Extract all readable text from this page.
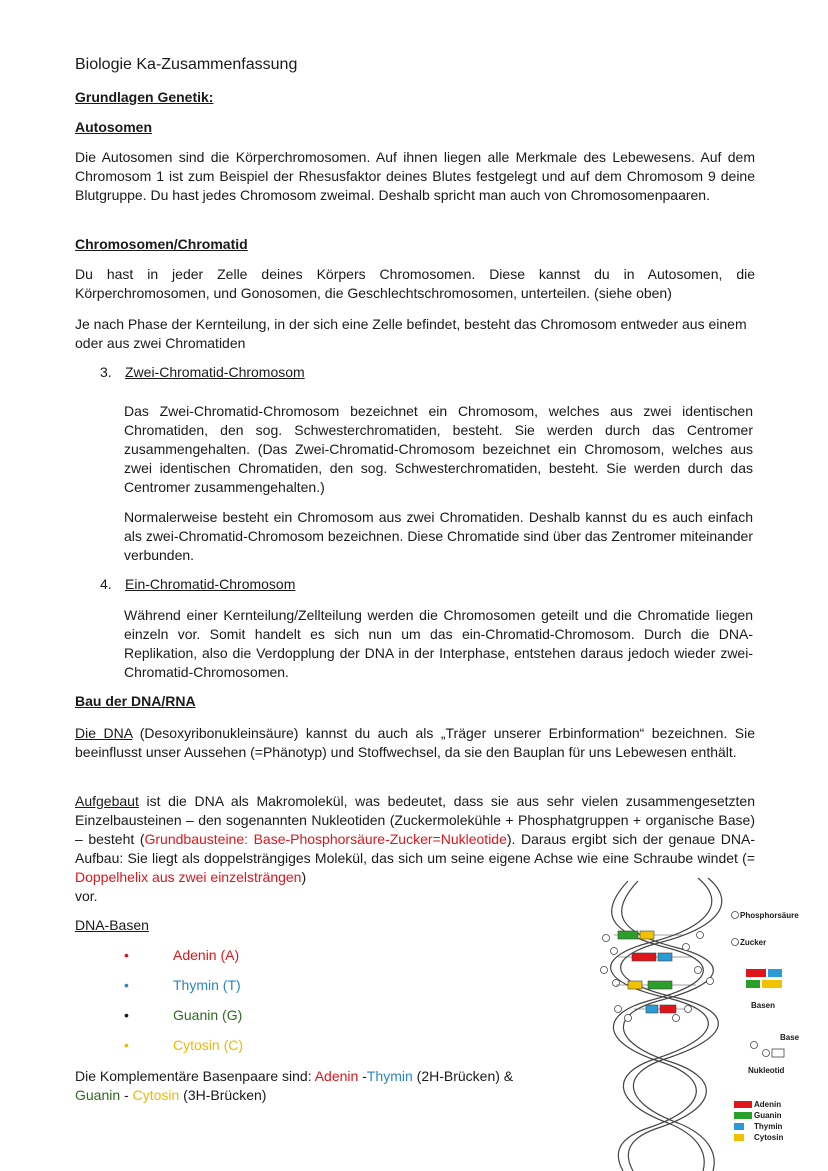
Biologie Ka-Zusammenfassung
Grundlagen Genetik:
Autosomen

Die Autosomen sind die Körperchromosomen. Auf ihnen liegen alle Merkmale des Lebewesens. Auf dem Chromosom 1 ist zum Beispiel der Rhesusfaktor deines Blutes festgelegt und auf dem Chromosom 9 deine Blutgruppe. Du hast jedes Chromosom zweimal. Deshalb spricht man auch von Chromosomenpaaren.

Chromosomen/Chromatid

Du hast in jeder Zelle deines Körpers Chromosomen. Diese kannst du in Autosomen, die Körperchromosomen, und Gonosomen, die Geschlechtschromosomen, unterteilen. (siehe oben)

Je nach Phase der Kernteilung, in der sich eine Zelle befindet, besteht das Chromosom entweder aus einem oder aus zwei Chromatiden

3. Zwei-Chromatid-Chromosom

Das Zwei-Chromatid-Chromosom bezeichnet ein Chromosom, welches aus zwei identischen Chromatiden, den sog. Schwesterchromatiden, besteht. Sie werden durch das Centromer zusammengehalten. (Das Zwei-Chromatid-Chromosom bezeichnet ein Chromosom, welches aus zwei identischen Chromatiden, den sog. Schwesterchromatiden, besteht. Sie werden durch das Centromer zusammengehalten.)

Normalerweise besteht ein Chromosom aus zwei Chromatiden. Deshalb kannst du es auch einfach als zwei-Chromatid-Chromosom bezeichnen. Diese Chromatide sind über das Zentromer miteinander verbunden.

4. Ein-Chromatid-Chromosom

Während einer Kernteilung/Zellteilung werden die Chromosomen geteilt und die Chromatide liegen einzeln vor. Somit handelt es sich nun um das ein-Chromatid-Chromosom. Durch die DNA-Replikation, also die Verdopplung der DNA in der Interphase, entstehen daraus jedoch wieder zwei-Chromatid-Chromosomen.

Bau der DNA/RNA

Die DNA (Desoxyribonukleinsäure) kannst du auch als „Träger unserer Erbinformation“ bezeichnen. Sie beeinflusst unser Aussehen (=Phänotyp) und Stoffwechsel, da sie den Bauplan für uns Lebewesen enthält.

Aufgebaut ist die DNA als Makromolekül, was bedeutet, dass sie aus sehr vielen zusammengesetzten Einzelbausteinen – den sogenannten Nukleotiden (Zuckermolekühle + Phosphatgruppen + organische Base) – besteht (Grundbausteine: Base-Phosphorsäure-Zucker=Nukleotide). Daraus ergibt sich der genaue DNA-Aufbau: Sie liegt als doppelsträngiges Molekül, das sich um seine eigene Achse wie eine Schraube windet (= Doppelhelix aus zwei einzelsträngen)

vor.

DNA-Basen
•	Adenin (A)
•	Thymin (T)
•	Guanin (G)
•	Cytosin (C)

Die Komplementäre Basenpaare sind: Adenin -Thymin (2H-Brücken) &
Guanin - Cytosin (3H-Brücken)

Phosphorsäure
Zucker
Basen
Base
Nukleotid
Adenin
Guanin
Thymin
Cytosin
